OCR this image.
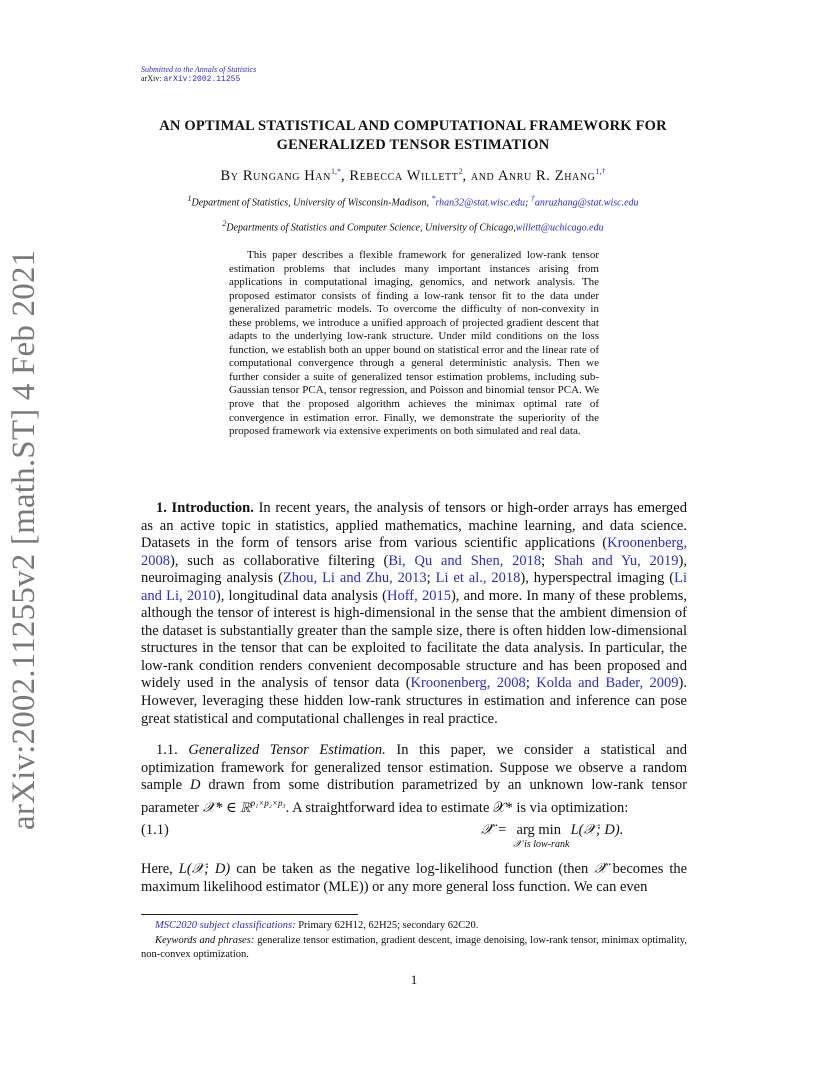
arXiv:2002.11255v2 [math.ST] 4 Feb 2021
Submitted to the Annals of Statistics
arXiv: arXiv:2002.11255
AN OPTIMAL STATISTICAL AND COMPUTATIONAL FRAMEWORK FOR
GENERALIZED TENSOR ESTIMATION
By Rungang Han$^{1,*}$, Rebecca Willett$^2$, and Anru R. Zhang$^{1,\dagger}$
$^1$Department of Statistics, University of Wisconsin-Madison, *rhan32@stat.wisc.edu; †anruzhang@stat.wisc.edu
$^2$Departments of Statistics and Computer Science, University of Chicago,willett@uchicago.edu

This paper describes a flexible framework for generalized low-rank tensor estimation problems that includes many important instances arising from applications in computational imaging, genomics, and network analysis. The proposed estimator consists of finding a low-rank tensor fit to the data under generalized parametric models. To overcome the difficulty of non-convexity in these problems, we introduce a unified approach of projected gradient descent that adapts to the underlying low-rank structure. Under mild conditions on the loss function, we establish both an upper bound on statistical error and the linear rate of computational convergence through a general deterministic analysis. Then we further consider a suite of generalized tensor estimation problems, including sub-Gaussian tensor PCA, tensor regression, and Poisson and binomial tensor PCA. We prove that the proposed algorithm achieves the minimax optimal rate of convergence in estimation error. Finally, we demonstrate the superiority of the proposed framework via extensive experiments on both simulated and real data.

1. Introduction. In recent years, the analysis of tensors or high-order arrays has emerged as an active topic in statistics, applied mathematics, machine learning, and data science. Datasets in the form of tensors arise from various scientific applications (Kroonenberg, 2008), such as collaborative filtering (Bi, Qu and Shen, 2018; Shah and Yu, 2019), neuroimaging analysis (Zhou, Li and Zhu, 2013; Li et al., 2018), hyperspectral imaging (Li and Li, 2010), longitudinal data analysis (Hoff, 2015), and more. In many of these problems, although the tensor of interest is high-dimensional in the sense that the ambient dimension of the dataset is substantially greater than the sample size, there is often hidden low-dimensional structures in the tensor that can be exploited to facilitate the data analysis. In particular, the low-rank condition renders convenient decomposable structure and has been proposed and widely used in the analysis of tensor data (Kroonenberg, 2008; Kolda and Bader, 2009). However, leveraging these hidden low-rank structures in estimation and inference can pose great statistical and computational challenges in real practice.

1.1. Generalized Tensor Estimation. In this paper, we consider a statistical and optimization framework for generalized tensor estimation. Suppose we observe a random sample D drawn from some distribution parametrized by an unknown low-rank tensor parameter 𝒳* ∈ ℝ$^{p_1\times p_2\times p_3}$. A straightforward idea to estimate 𝒳* is via optimization:

(1.1)	𝒳̂ = arg min L(𝒳; D).
𝒳 is low-rank

Here, L(𝒳; D) can be taken as the negative log-likelihood function (then 𝒳̂ becomes the maximum likelihood estimator (MLE)) or any more general loss function. We can even

MSC2020 subject classifications: Primary 62H12, 62H25; secondary 62C20.

Keywords and phrases: generalize tensor estimation, gradient descent, image denoising, low-rank tensor, minimax optimality, non-convex optimization.

1
